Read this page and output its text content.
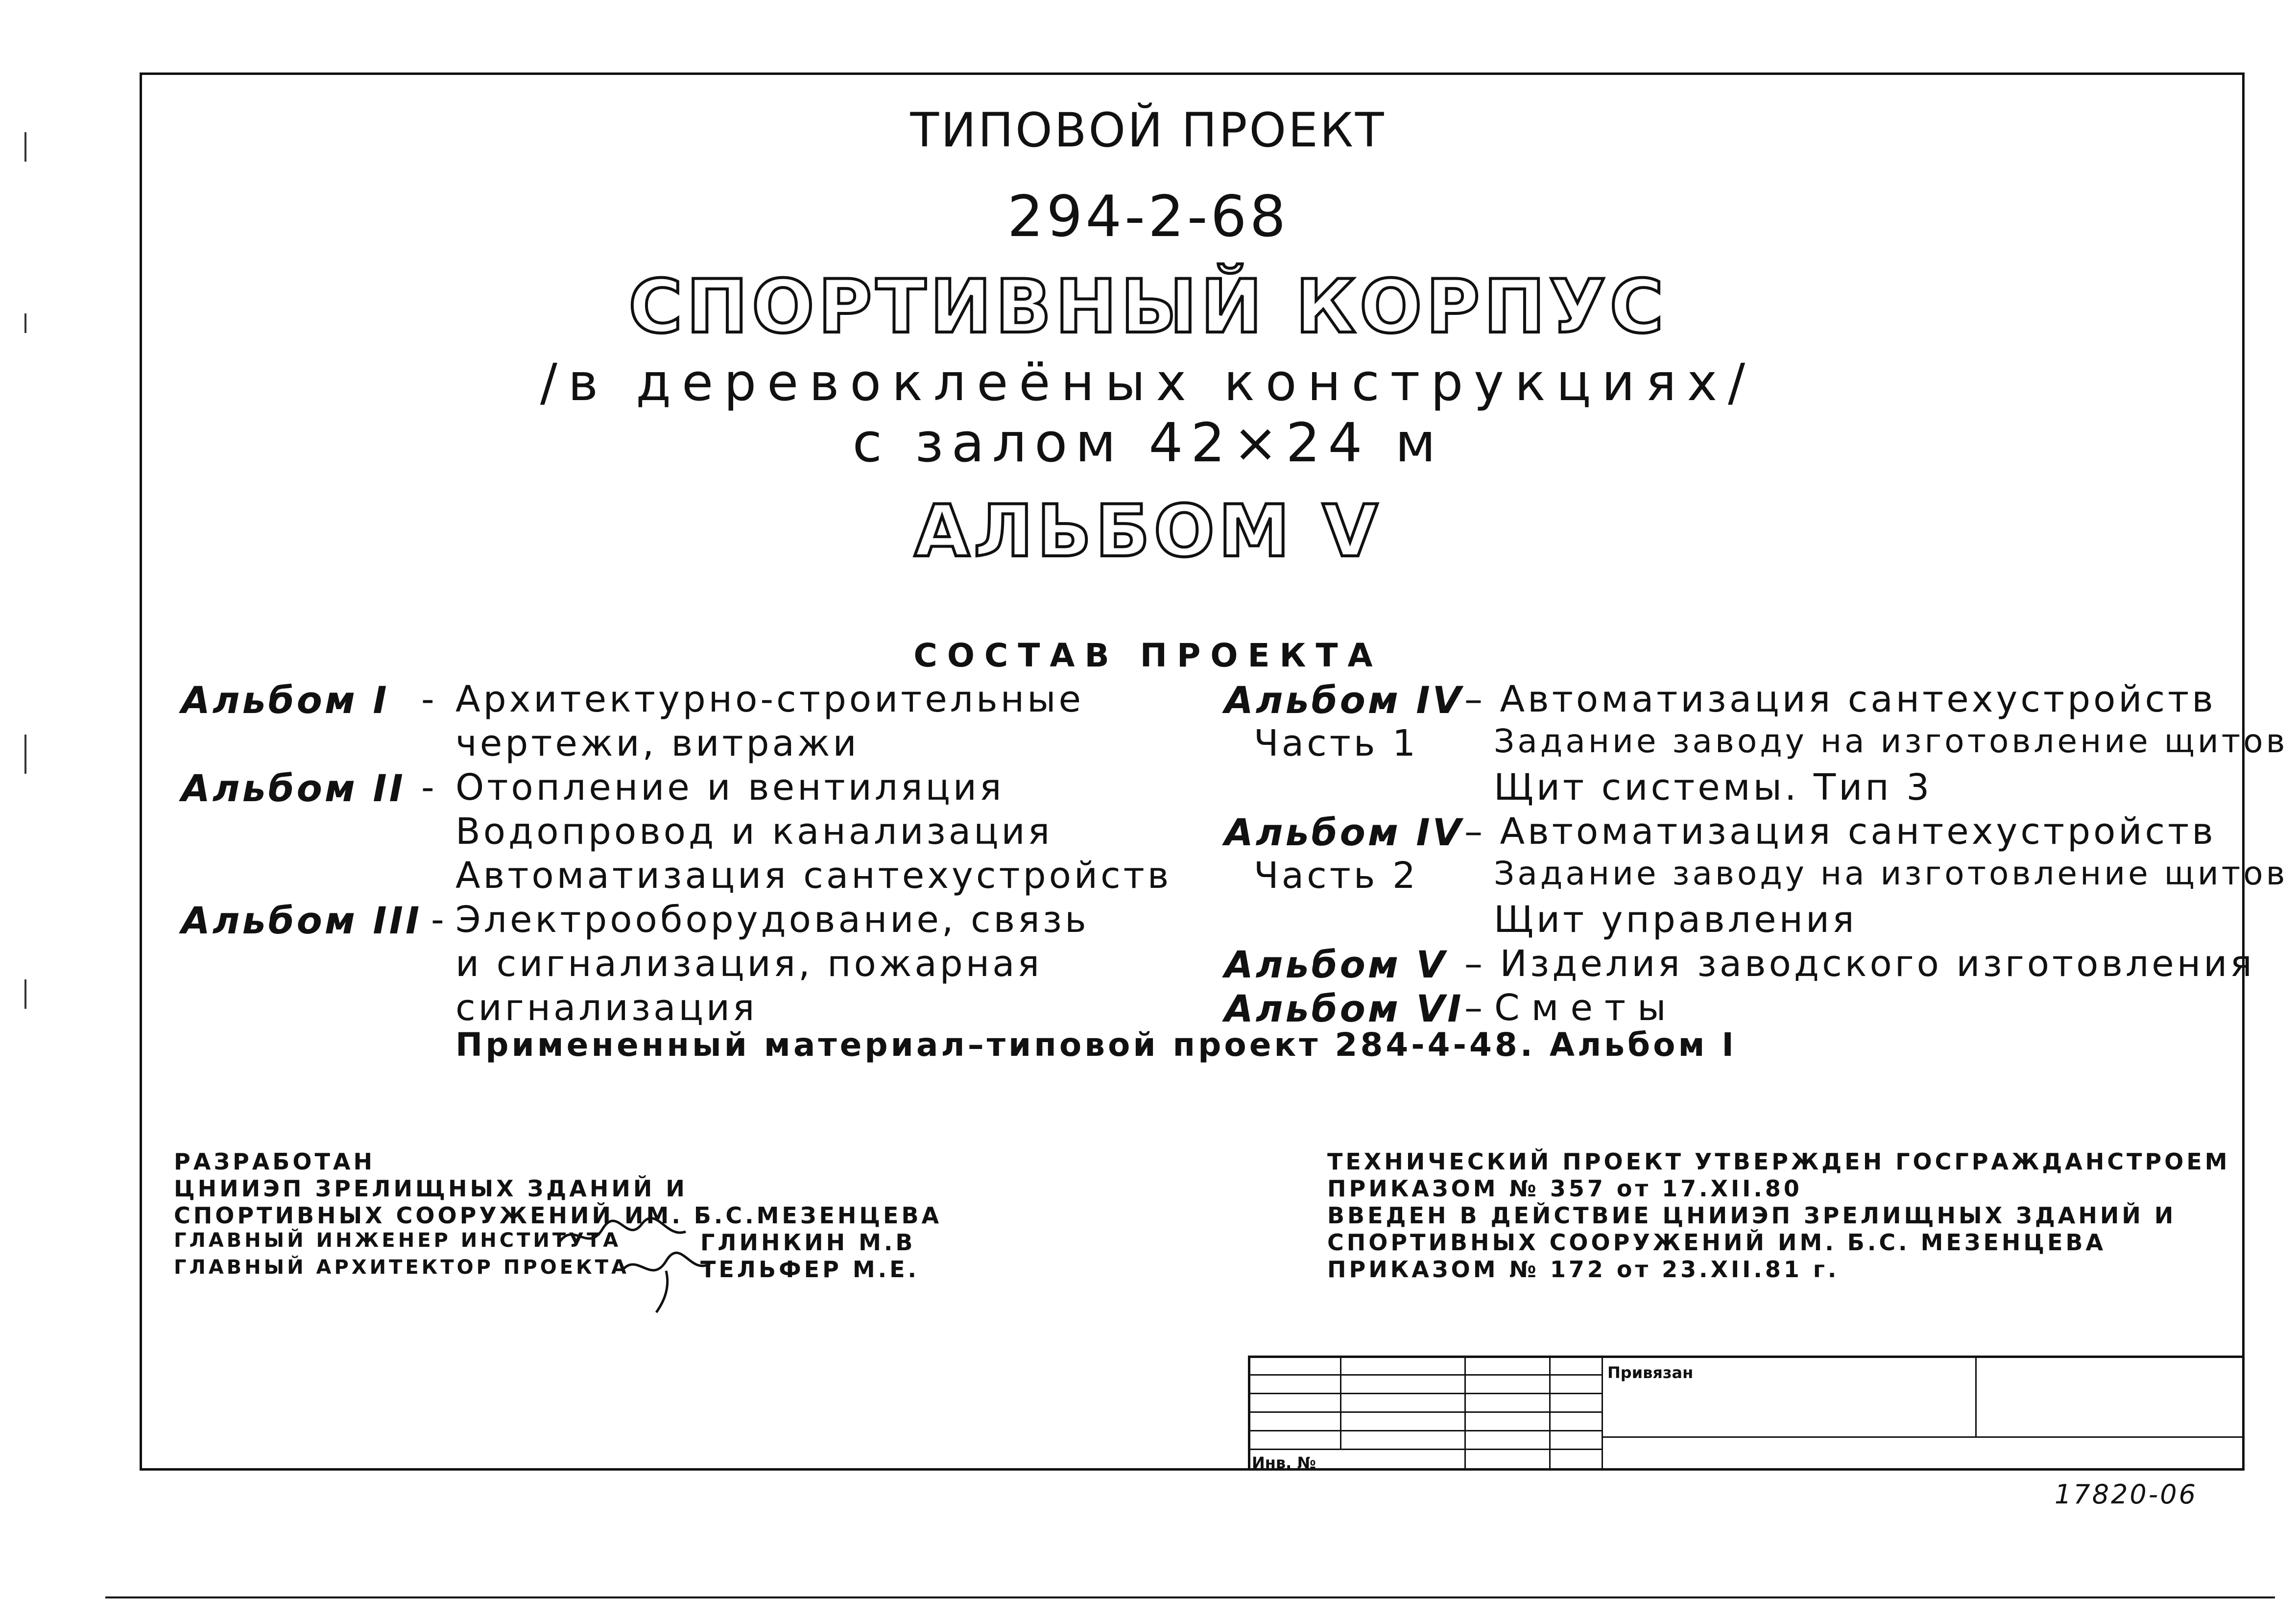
ТИПОВОЙ ПРОЕКТ
294-2-68
СПОРТИВНЫЙ КОРПУС
/в деревоклеёных конструкциях/
с залом 42×24 м
АЛЬБОМ V
СОСТАВ ПРОЕКТА
Альбом I - Архитектурно-строительные
чертежи, витражи
Альбом II - Отопление и вентиляция
Водопровод и канализация
Автоматизация сантехустройств
Альбом III - Электрооборудование, связь
и сигнализация, пожарная
сигнализация
Альбом IV
Часть 1
– Автоматизация сантехустройств
Задание заводу на изготовление щитов
Щит системы. Тип 3
Альбом IV
Часть 2
– Автоматизация сантехустройств
Задание заводу на изготовление щитов
Щит управления
Альбом V – Изделия заводского изготовления
Альбом VI –Сметы
Примененный материал–типовой проект 284-4-48. Альбом I
РАЗРАБОТАН
ЦНИИЭП ЗРЕЛИЩНЫХ ЗДАНИЙ И
СПОРТИВНЫХ СООРУЖЕНИЙ ИМ. Б.С.МЕЗЕНЦЕВА
ГЛАВНЫЙ ИНЖЕНЕР ИНСТИТУТА
ГЛАВНЫЙ АРХИТЕКТОР ПРОЕКТА
ГЛИНКИН М.В
ТЕЛЬФЕР М.Е.
ТЕХНИЧЕСКИЙ ПРОЕКТ УТВЕРЖДЕН ГОСГРАЖДАНСТРОЕМ
ПРИКАЗОМ № 357 от 17.XII.80
ВВЕДЕН В ДЕЙСТВИЕ ЦНИИЭП ЗРЕЛИЩНЫХ ЗДАНИЙ И
СПОРТИВНЫХ СООРУЖЕНИЙ ИМ. Б.С. МЕЗЕНЦЕВА
ПРИКАЗОМ № 172 от 23.XII.81 г.
Привязан
Инв. №
17820-06
